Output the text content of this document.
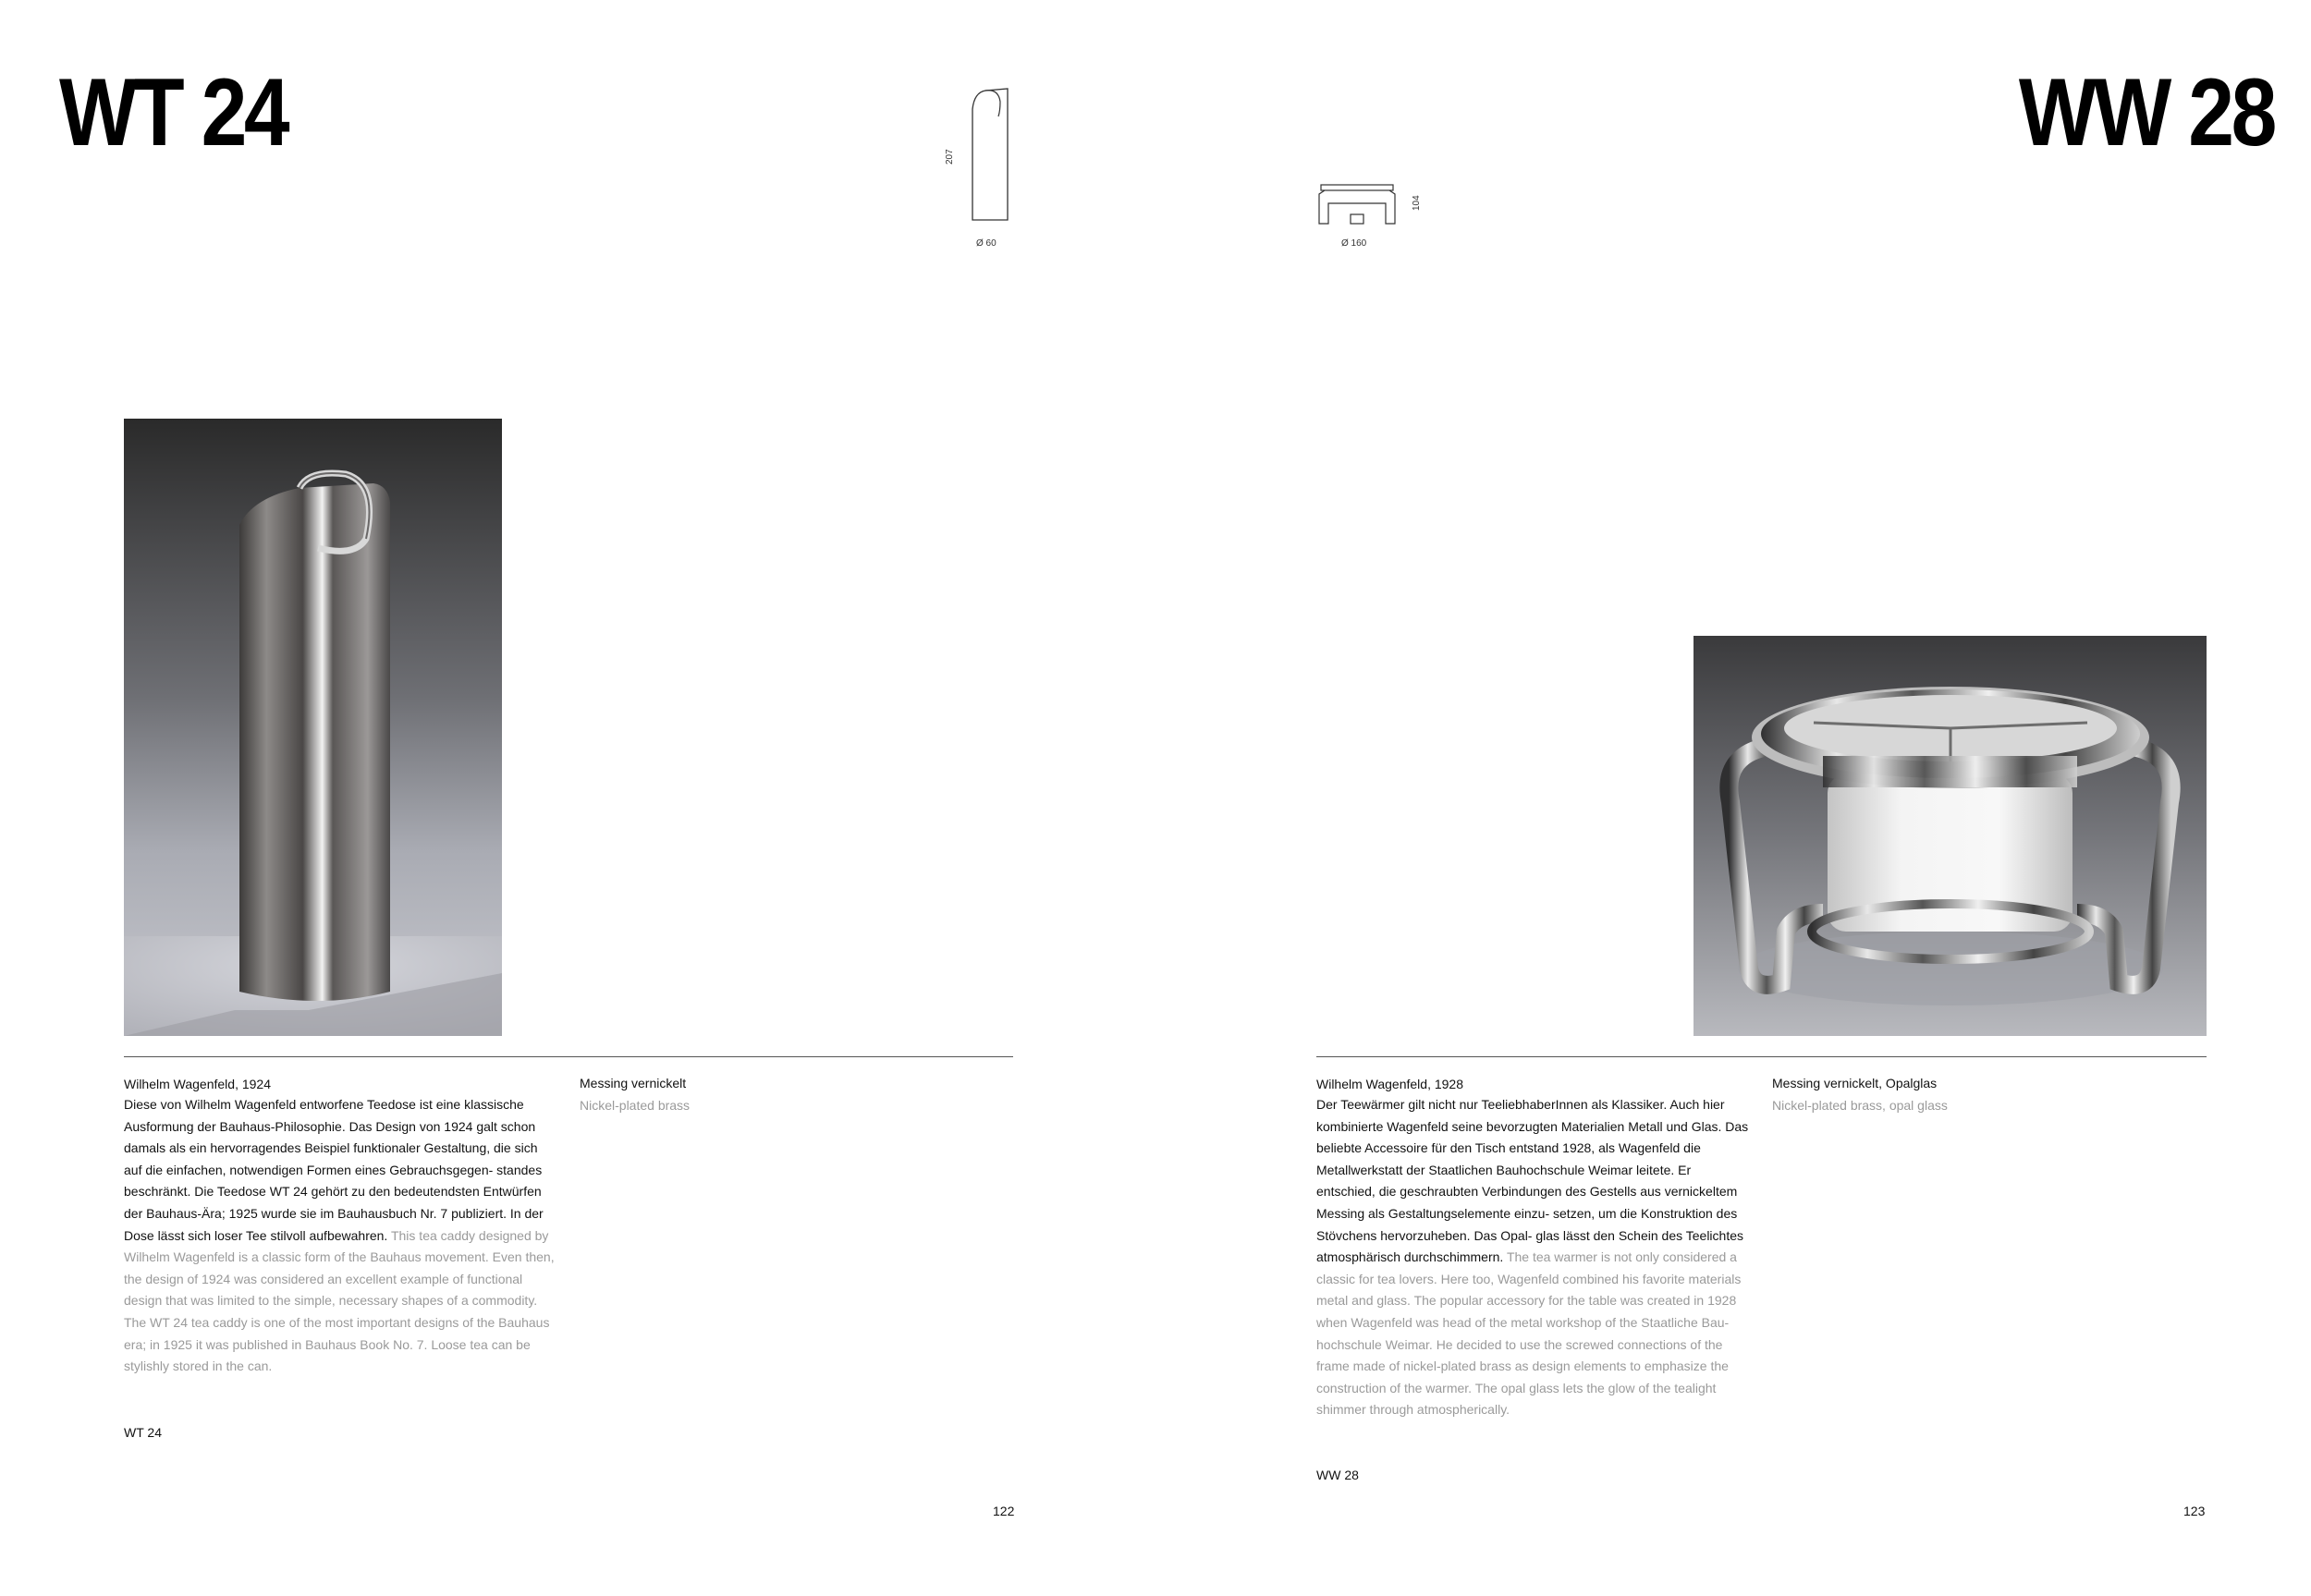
WT 24	207
Ø 60
Wilhelm Wagenfeld, 1924

Diese von Wilhelm Wagenfeld entworfene Teedose ist eine klassische Ausformung der Bauhaus-Philosophie. Das Design von 1924 galt schon damals als ein hervorragendes Beispiel funktionaler Gestaltung, die sich auf die einfachen, notwendigen Formen eines Gebrauchsgegen- standes beschränkt. Die Teedose WT 24 gehört zu den bedeutendsten Entwürfen der Bauhaus-Ära; 1925 wurde sie im Bauhausbuch Nr. 7 publiziert. In der Dose lässt sich loser Tee stilvoll aufbewahren. This tea caddy designed by Wilhelm Wagenfeld is a classic form of the Bauhaus movement. Even then, the design of 1924 was considered an excellent example of functional design that was limited to the simple, necessary shapes of a commodity. The WT 24 tea caddy is one of the most important designs of the Bauhaus era; in 1925 it was published in Bauhaus Book No. 7. Loose tea can be stylishly stored in the can.

Messing vernickelt
Nickel-plated brass
WT 24
122
WW 28
104
Ø 160
Wilhelm Wagenfeld, 1928

Der Teewärmer gilt nicht nur TeeliebhaberInnen als Klassiker. Auch hier kombinierte Wagenfeld seine bevorzugten Materialien Metall und Glas. Das beliebte Accessoire für den Tisch entstand 1928, als Wagenfeld die Metallwerkstatt der Staatlichen Bauhochschule Weimar leitete. Er entschied, die geschraubten Verbindungen des Gestells aus vernickeltem Messing als Gestaltungselemente einzu- setzen, um die Konstruktion des Stövchens hervorzuheben. Das Opal- glas lässt den Schein des Teelichtes atmosphärisch durchschimmern. The tea warmer is not only considered a classic for tea lovers. Here too, Wagenfeld combined his favorite materials metal and glass. The popular accessory for the table was created in 1928 when Wagenfeld was head of the metal workshop of the Staatliche Bau- hochschule Weimar. He decided to use the screwed connections of the frame made of nickel-plated brass as design elements to emphasize the construction of the warmer. The opal glass lets the glow of the tealight shimmer through atmospherically.

Messing vernickelt, Opalglas
Nickel-plated brass, opal glass
WW 28
123
